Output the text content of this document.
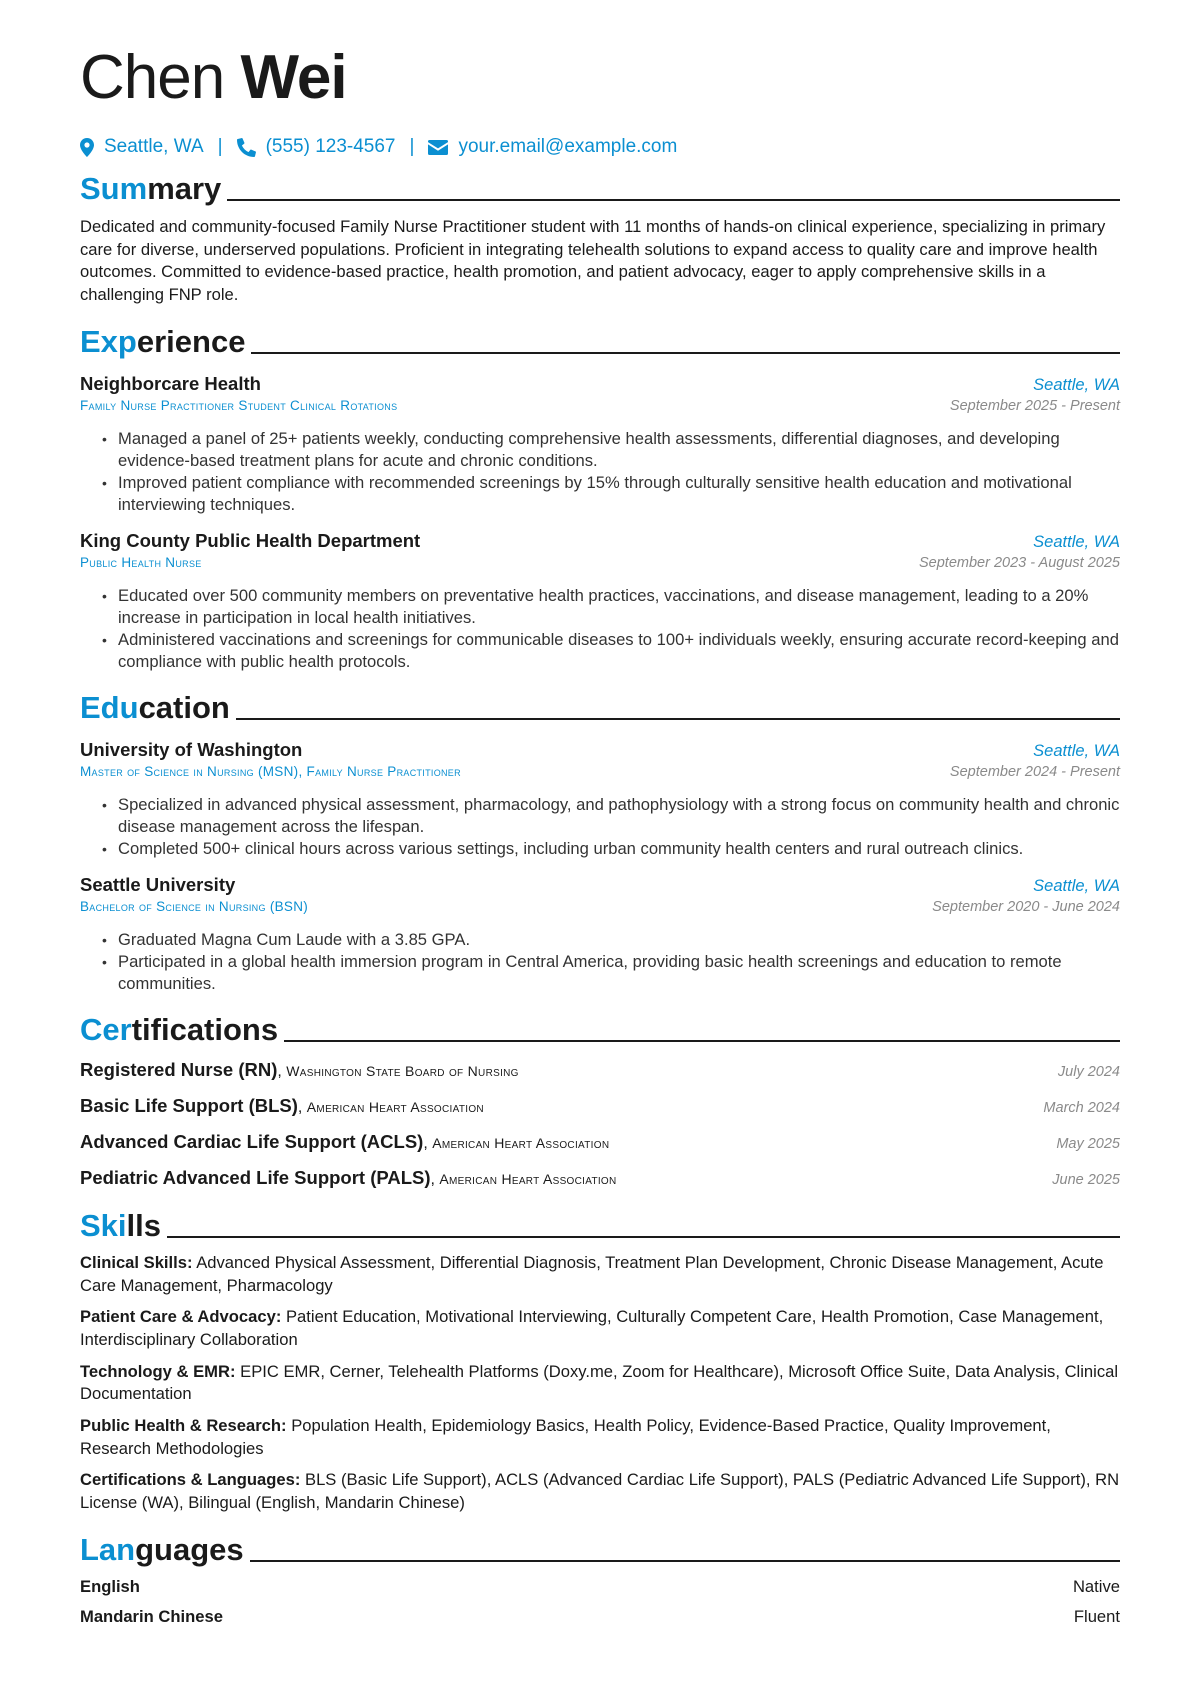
Chen Wei
Seattle, WA | (555) 123-4567 | your.email@example.com
Summary

Dedicated and community-focused Family Nurse Practitioner student with 11 months of hands-on clinical experience, specializing in primary care for diverse, underserved populations. Proficient in integrating telehealth solutions to expand access to quality care and improve health outcomes. Committed to evidence-based practice, health promotion, and patient advocacy, eager to apply comprehensive skills in a challenging FNP role.

Experience
Neighborcare Health	Seattle, WA
Family Nurse Practitioner Student Clinical Rotations	September 2025 - Present
• Managed a panel of 25+ patients weekly, conducting comprehensive health assessments, differential diagnoses, and developing evidence-based treatment plans for acute and chronic conditions.
• Improved patient compliance with recommended screenings by 15% through culturally sensitive health education and motivational interviewing techniques.
King County Public Health Department	Seattle, WA
Public Health Nurse	September 2023 - August 2025
• Educated over 500 community members on preventative health practices, vaccinations, and disease management, leading to a 20% increase in participation in local health initiatives.
• Administered vaccinations and screenings for communicable diseases to 100+ individuals weekly, ensuring accurate record-keeping and compliance with public health protocols.
Education
University of Washington	Seattle, WA
Master of Science in Nursing (MSN), Family Nurse Practitioner	September 2024 - Present
• Specialized in advanced physical assessment, pharmacology, and pathophysiology with a strong focus on community health and chronic disease management across the lifespan.
• Completed 500+ clinical hours across various settings, including urban community health centers and rural outreach clinics.
Seattle University	Seattle, WA
Bachelor of Science in Nursing (BSN)	September 2020 - June 2024
• Graduated Magna Cum Laude with a 3.85 GPA.
• Participated in a global health immersion program in Central America, providing basic health screenings and education to remote communities.
Certifications
Registered Nurse (RN), Washington State Board of Nursing	July 2024
Basic Life Support (BLS), American Heart Association	March 2024
Advanced Cardiac Life Support (ACLS), American Heart Association	May 2025
Pediatric Advanced Life Support (PALS), American Heart Association	June 2025
Skills

Clinical Skills: Advanced Physical Assessment, Differential Diagnosis, Treatment Plan Development, Chronic Disease Management, Acute Care Management, Pharmacology

Patient Care & Advocacy: Patient Education, Motivational Interviewing, Culturally Competent Care, Health Promotion, Case Management, Interdisciplinary Collaboration

Technology & EMR: EPIC EMR, Cerner, Telehealth Platforms (Doxy.me, Zoom for Healthcare), Microsoft Office Suite, Data Analysis, Clinical Documentation

Public Health & Research: Population Health, Epidemiology Basics, Health Policy, Evidence-Based Practice, Quality Improvement, Research Methodologies

Certifications & Languages: BLS (Basic Life Support), ACLS (Advanced Cardiac Life Support), PALS (Pediatric Advanced Life Support), RN License (WA), Bilingual (English, Mandarin Chinese)

Languages
English	Native
Mandarin Chinese	Fluent
